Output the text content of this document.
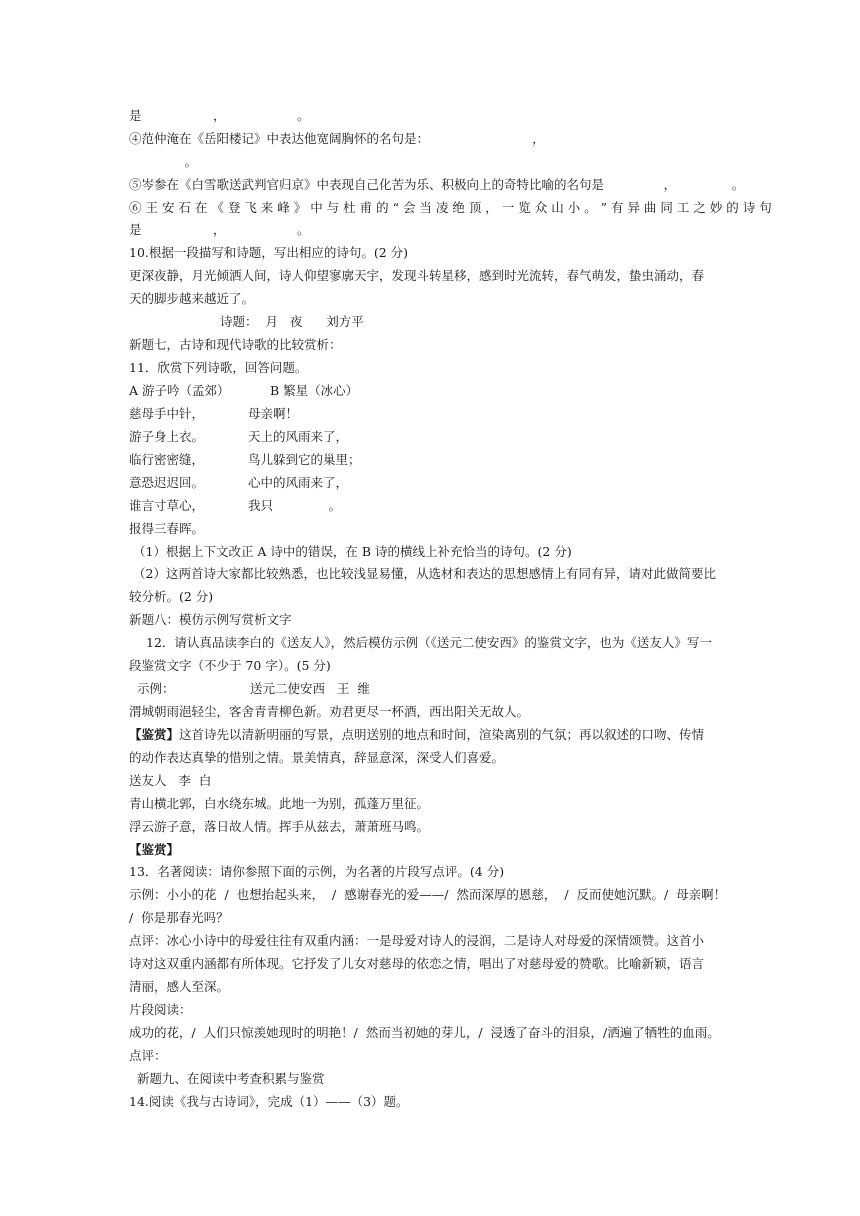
是                  ，                  。
④范仲淹在《岳阳楼记》中表达他宽阔胸怀的名句是：                          ，
。
⑤岑参在《白雪歌送武判官归京》中表现自己化苦为乐、积极向上的奇特比喻的名句是               ，              。
⑥ 王 安 石 在 《 登 飞 来 峰 》 中 与 杜 甫 的 “ 会 当 凌 绝 顶 ， 一 览 众 山 小 。 ” 有 异 曲 同 工 之 妙 的 诗 句
是                  ，                  。
10.根据一段描写和诗题，写出相应的诗句。(2 分)
更深夜静，月光倾洒人间，诗人仰望寥廓天宇，发现斗转星移，感到时光流转，春气萌发，蛰虫涌动，春
天的脚步越来越近了。
诗题：  月   夜      刘方平
新题七，古诗和现代诗歌的比较赏析：
11．欣赏下列诗歌，回答问题。
A 游子吟（孟郊）	B 繁星（冰心）
慈母手中针，	母亲啊！
游子身上衣。	天上的风雨来了，
临行密密缝，	鸟儿躲到它的巢里；
意恐迟迟回。	心中的风雨来了，
谁言寸草心，	我只              。
报得三春晖。
（1）根据上下文改正 A 诗中的错误，在 B 诗的横线上补充恰当的诗句。(2 分)
（2）这两首诗大家都比较熟悉，也比较浅显易懂，从选材和表达的思想感情上有同有异，请对此做简要比
较分析。(2 分)
新题八：模仿示例写赏析文字
12．请认真品读李白的《送友人》，然后模仿示例（《送元二使安西》的鉴赏文字，也为《送友人》写一
段鉴赏文字（不少于 70 字）。(5 分)
示例：	送元二使安西   王  维
渭城朝雨浥轻尘，客舍青青柳色新。劝君更尽一杯酒，西出阳关无故人。
【鉴赏】这首诗先以清新明丽的写景，点明送别的地点和时间，渲染离别的气氛；再以叙述的口吻、传情
的动作表达真挚的惜别之情。景美情真，辞显意深，深受人们喜爱。
送友人   李  白
青山横北郭，白水绕东城。此地一为别，孤蓬万里征。
浮云游子意，落日故人情。挥手从兹去，萧萧班马鸣。
【鉴赏】
13．名著阅读：请你参照下面的示例，为名著的片段写点评。(4 分)
示例：小小的花  /  也想抬起头来，  /  感谢春光的爱——/  然而深厚的恩慈，  /  反而使她沉默。/  母亲啊！
/  你是那春光吗？
点评：冰心小诗中的母爱往往有双重内涵：一是母爱对诗人的浸润，二是诗人对母爱的深情颂赞。这首小
诗对这双重内涵都有所体现。它抒发了儿女对慈母的依恋之情，唱出了对慈母爱的赞歌。比喻新颖，语言
清丽，感人至深。
片段阅读：
成功的花，/  人们只惊羡她现时的明艳！/  然而当初她的芽儿，/  浸透了奋斗的泪泉，/洒遍了牺牲的血雨。
点评：
新题九、在阅读中考查积累与鉴赏
14.阅读《我与古诗词》，完成（1）——（3）题。
